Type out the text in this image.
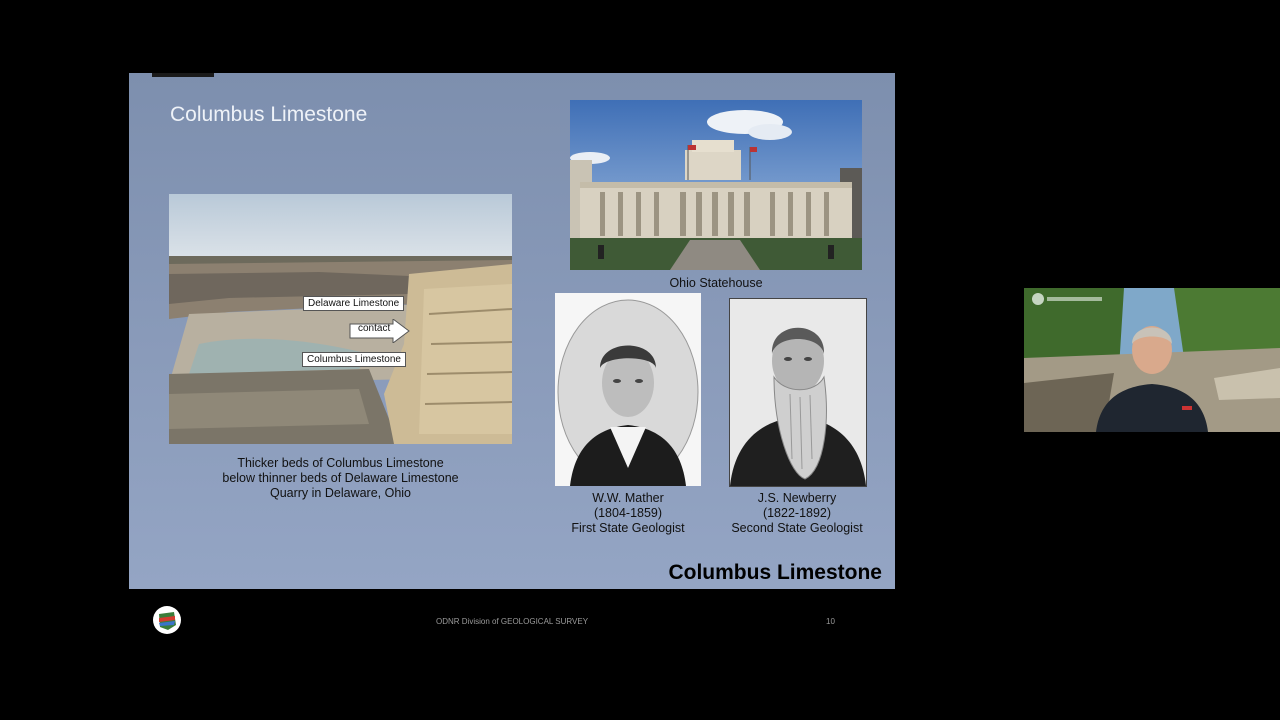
Columbus Limestone
Delaware Limestone
contact
Columbus Limestone
Thicker beds of Columbus Limestone
below thinner beds of Delaware Limestone
Quarry in Delaware, Ohio
Ohio Statehouse
W.W. Mather
(1804-1859)
First State Geologist
J.S. Newberry
(1822-1892)
Second State Geologist
Columbus Limestone
ODNR Division of GEOLOGICAL SURVEY	10
